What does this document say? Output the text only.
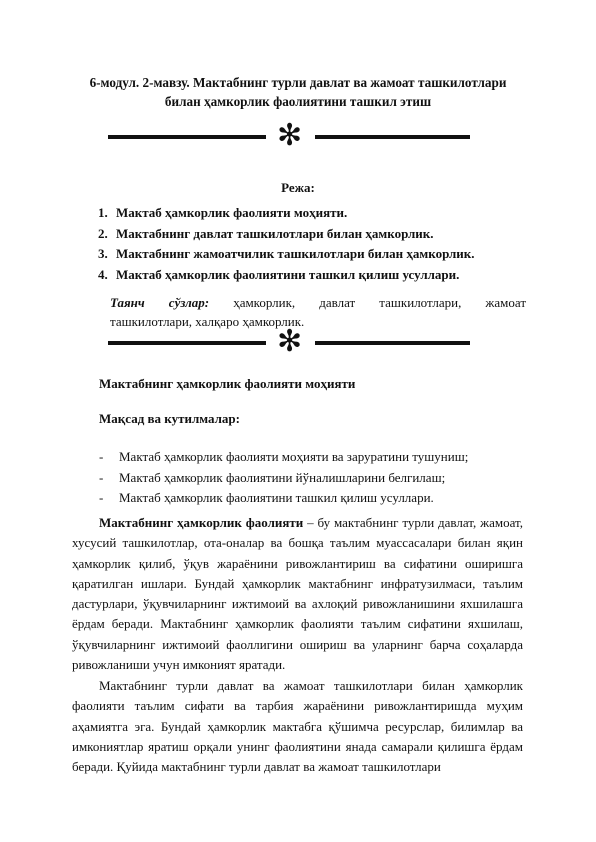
6-модул. 2-мавзу. Мактабнинг турли давлат ва жамоат ташкилотлари
билан ҳамкорлик фаолиятини ташкил этиш
✻
Режа:
1. Мактаб ҳамкорлик фаолияти моҳияти.
2. Мактабнинг давлат ташкилотлари билан ҳамкорлик.
3. Мактабнинг жамоатчилик ташкилотлари билан ҳамкорлик.
4. Мактаб ҳамкорлик фаолиятини ташкил қилиш усуллари.
Таянч сўзлар: ҳамкорлик, давлат ташкилотлари, жамоат
ташкилотлари, халқаро ҳамкорлик.
✻
Мактабнинг ҳамкорлик фаолияти моҳияти
Мақсад ва кутилмалар:
- Мактаб ҳамкорлик фаолияти моҳияти ва заруратини тушуниш;
- Мактаб ҳамкорлик фаолиятини йўналишларини белгилаш;
- Мактаб ҳамкорлик фаолиятини ташкил қилиш усуллари.

Мактабнинг ҳамкорлик фаолияти – бу мактабнинг турли давлат, жамоат, хусусий ташкилотлар, ота-оналар ва бошқа таълим муассасалари билан яқин ҳамкорлик қилиб, ўқув жараёнини ривожлантириш ва сифатини оширишга қаратилган ишлари. Бундай ҳамкорлик мактабнинг инфратузилмаси, таълим дастурлари, ўқувчиларнинг ижтимоий ва ахлоқий ривожланишини яхшилашга ёрдам беради. Мактабнинг ҳамкорлик фаолияти таълим сифатини яхшилаш, ўқувчиларнинг ижтимоий фаоллигини ошириш ва уларнинг барча соҳаларда ривожланиши учун имконият яратади.

Мактабнинг турли давлат ва жамоат ташкилотлари билан ҳамкорлик фаолияти таълим сифати ва тарбия жараёнини ривожлантиришда муҳим аҳамиятга эга. Бундай ҳамкорлик мактабга қўшимча ресурслар, билимлар ва имкониятлар яратиш орқали унинг фаолиятини янада самарали қилишга ёрдам беради. Қуйида мактабнинг турли давлат ва жамоат ташкилотлари
